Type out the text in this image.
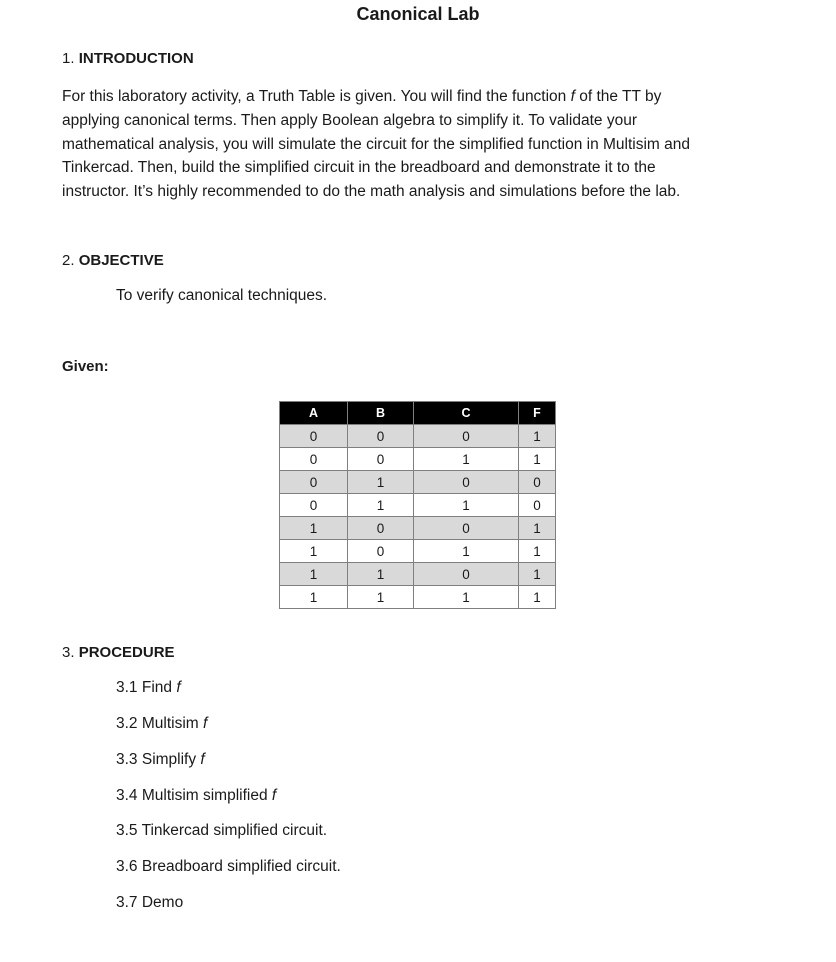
Canonical Lab
1. INTRODUCTION
For this laboratory activity, a Truth Table is given. You will find the function f of the TT by
applying canonical terms. Then apply Boolean algebra to simplify it. To validate your
mathematical analysis, you will simulate the circuit for the simplified function in Multisim and
Tinkercad. Then, build the simplified circuit in the breadboard and demonstrate it to the
instructor. It’s highly recommended to do the math analysis and simulations before the lab.
2. OBJECTIVE
To verify canonical techniques.
Given:
A	B	C	F
0	0	0	1
0	0	1	1
0	1	0	0
0	1	1	0
1	0	0	1
1	0	1	1
1	1	0	1
1	1	1	1
3. PROCEDURE
3.1 Find f
3.2 Multisim f
3.3 Simplify f
3.4 Multisim simplified f
3.5 Tinkercad simplified circuit.
3.6 Breadboard simplified circuit.
3.7 Demo
